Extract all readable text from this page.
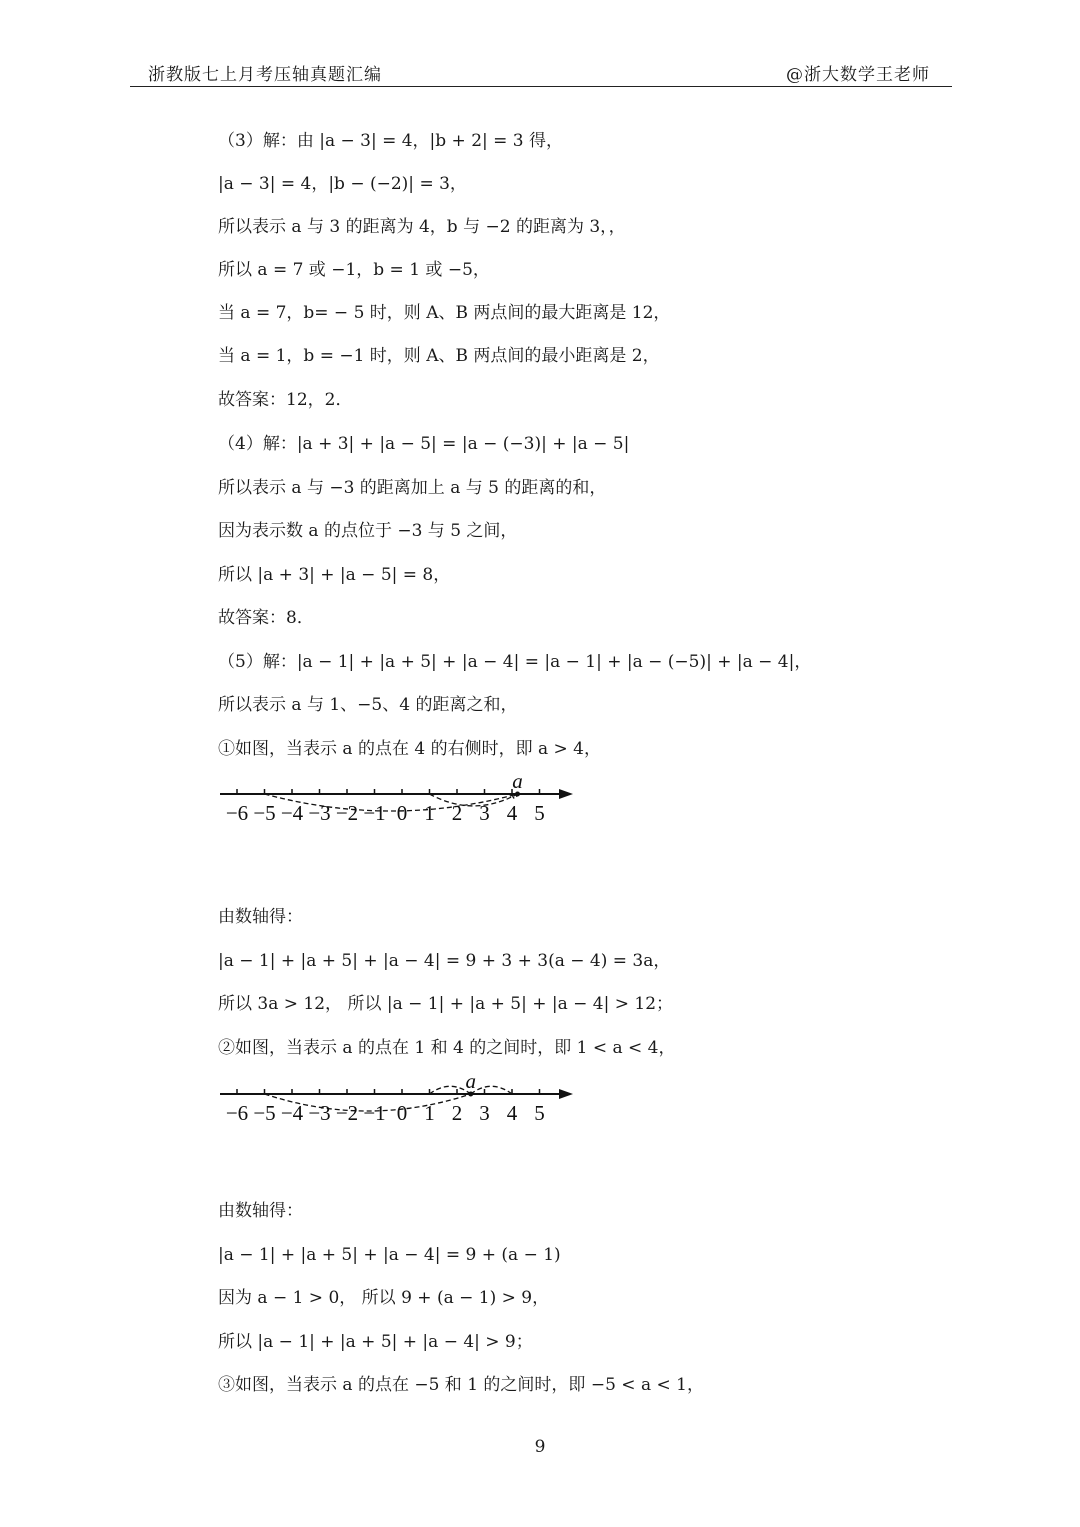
浙教版七上月考压轴真题汇编	@浙大数学王老师
（3）解：由 |a − 3| = 4，|b + 2| = 3 得，
|a − 3| = 4，|b − (−2)| = 3，
所以表示 a 与 3 的距离为 4，b 与 −2 的距离为 3，，
所以 a = 7 或 −1，b = 1 或 −5，
当 a = 7，b= − 5 时，则 A、B 两点间的最大距离是 12，
当 a = 1，b = −1 时，则 A、B 两点间的最小距离是 2，
故答案：12，2．
（4）解：|a + 3| + |a − 5| = |a − (−3)| + |a − 5|
所以表示 a 与 −3 的距离加上 a 与 5 的距离的和，
因为表示数 a 的点位于 −3 与 5 之间，
所以 |a + 3| + |a − 5| = 8，
故答案：8．
（5）解：|a − 1| + |a + 5| + |a − 4| = |a − 1| + |a − (−5)| + |a − 4|，
所以表示 a 与 1、−5、4 的距离之和，
①如图，当表示 a 的点在 4 的右侧时，即 a > 4，
−6 −5 −4 −3 −2 −1 0 1 2 3 4 5
a
由数轴得：
|a − 1| + |a + 5| + |a − 4| = 9 + 3 + 3(a − 4) = 3a，
所以 3a > 12， 所以 |a − 1| + |a + 5| + |a − 4| > 12；
②如图，当表示 a 的点在 1 和 4 的之间时，即 1 < a < 4，
−6 −5 −4 −3 −2 −1 0 1 2 3 4 5
a
由数轴得：
|a − 1| + |a + 5| + |a − 4| = 9 + (a − 1)
因为 a − 1 > 0， 所以 9 + (a − 1) > 9，
所以 |a − 1| + |a + 5| + |a − 4| > 9；
③如图，当表示 a 的点在 −5 和 1 的之间时，即 −5 < a < 1，
9
